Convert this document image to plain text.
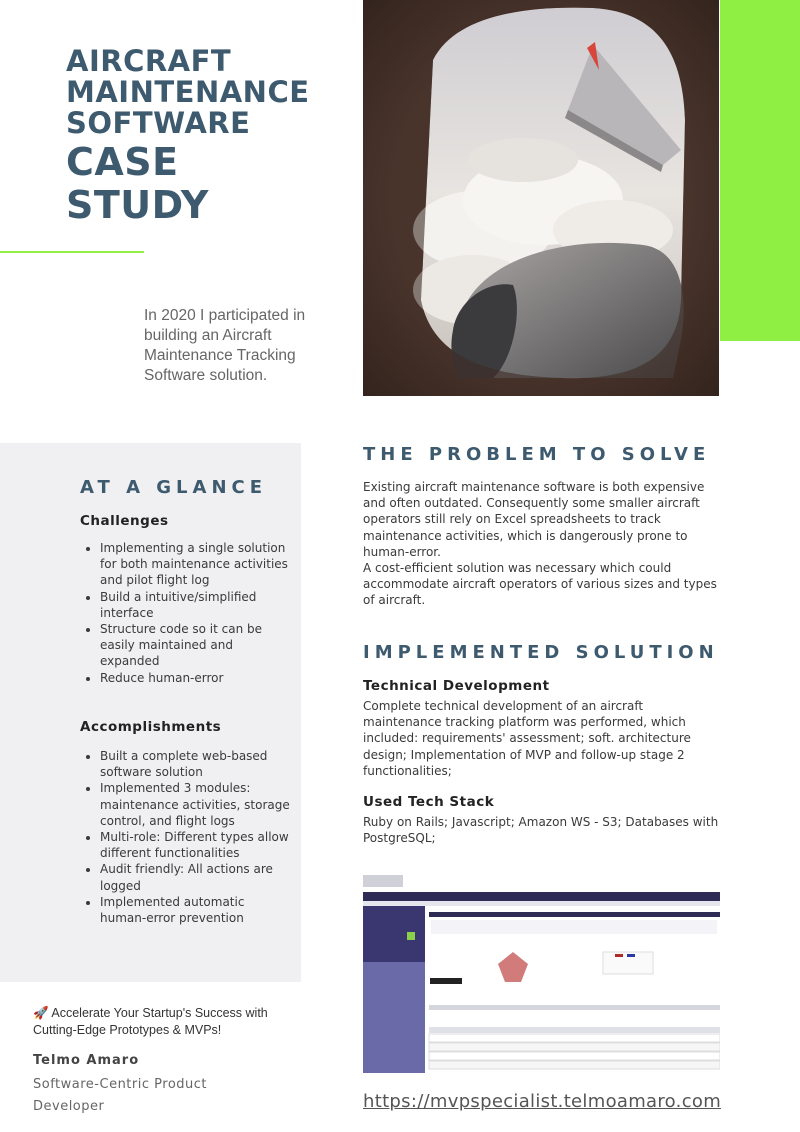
AIRCRAFT
MAINTENANCE
SOFTWARE
CASE
STUDY
In 2020 I participated in building an Aircraft Maintenance Tracking Software solution.
AT A GLANCE
Challenges
• Implementing a single solution for both maintenance activities and pilot flight log
• Build a intuitive/simplified interface
• Structure code so it can be easily maintained and expanded
• Reduce human-error
Accomplishments
• Built a complete web-based software solution
• Implemented 3 modules: maintenance activities, storage control, and flight logs
• Multi-role: Different types allow different functionalities
• Audit friendly: All actions are logged
• Implemented automatic human-error prevention
🚀 Accelerate Your Startup's Success with Cutting-Edge Prototypes & MVPs!
Telmo Amaro
Software-Centric Product Developer
THE PROBLEM TO SOLVE
Existing aircraft maintenance software is both expensive and often outdated. Consequently some smaller aircraft operators still rely on Excel spreadsheets to track maintenance activities, which is dangerously prone to human-error.
A cost-efficient solution was necessary which could accommodate aircraft operators of various sizes and types of aircraft.
IMPLEMENTED SOLUTION
Technical Development
Complete technical development of an aircraft maintenance tracking platform was performed, which included: requirements' assessment; soft. architecture design; Implementation of MVP and follow-up stage 2 functionalities;
Used Tech Stack
Ruby on Rails; Javascript; Amazon WS - S3; Databases with PostgreSQL;
https://mvpspecialist.telmoamaro.com
